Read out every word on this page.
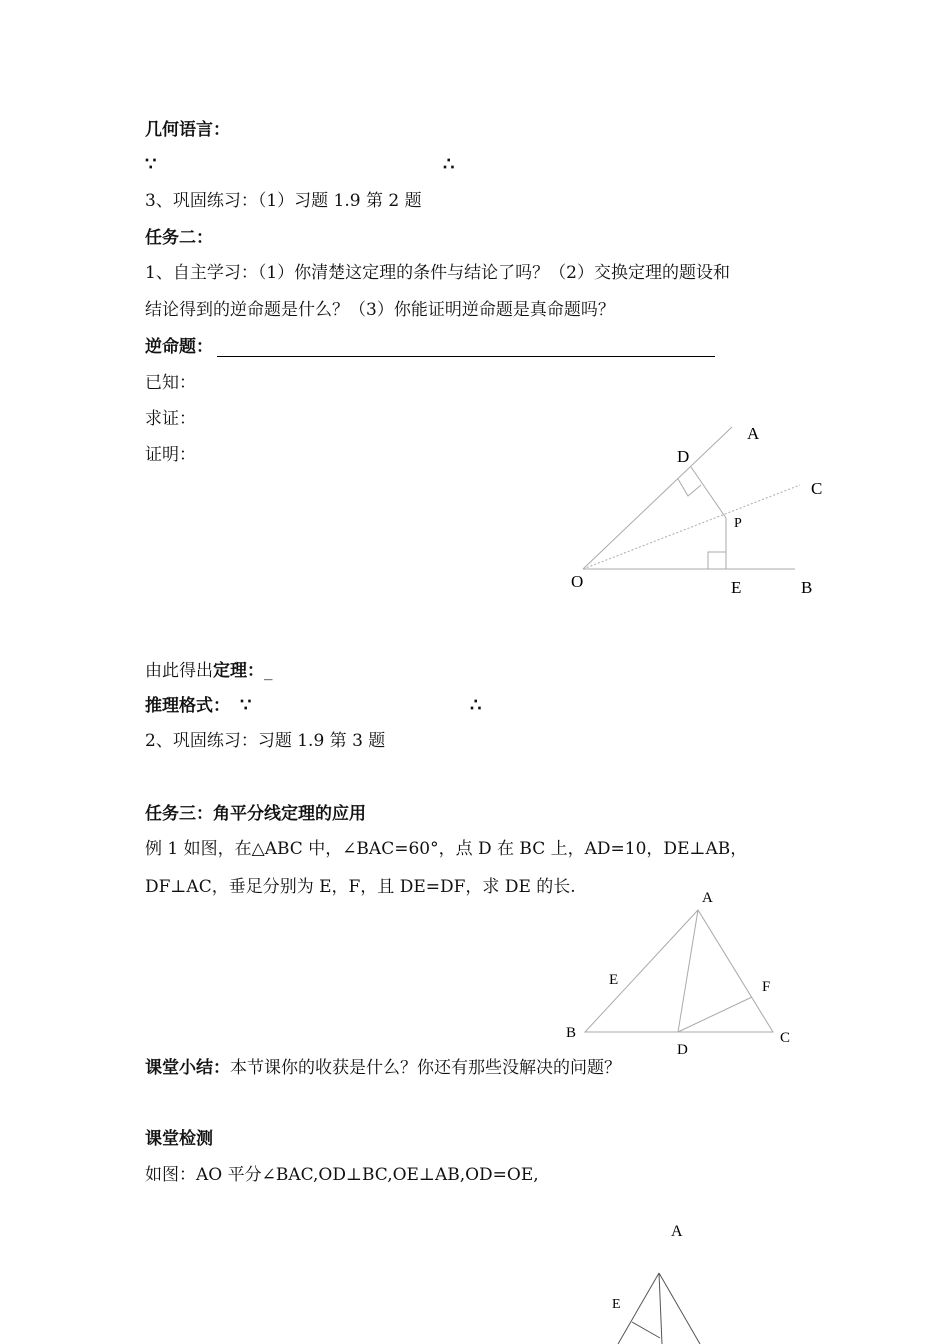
几何语言：
∵	∴
3、巩固练习：（1）习题 1.9 第 2 题
任务二：
1、自主学习：（1）你清楚这定理的条件与结论了吗？（2）交换定理的题设和
结论得到的逆命题是什么？（3）你能证明逆命题是真命题吗？
逆命题：
已知：
求证：
证明：
由此得出定理：_
推理格式： ∵	∴
2、巩固练习：习题 1.9 第 3 题
任务三：角平分线定理的应用
例 1 如图，在△ABC 中，∠BAC=60°，点 D 在 BC 上，AD=10，DE⊥AB，
DF⊥AC，垂足分别为 E，F，且 DE=DF，求 DE 的长.
课堂小结：本节课你的收获是什么？你还有那些没解决的问题？
课堂检测
如图：AO 平分∠BAC,OD⊥BC,OE⊥AB,OD=OE,
A
D
C
P
O	E	B
A
E	F
B
D
C
A
E
